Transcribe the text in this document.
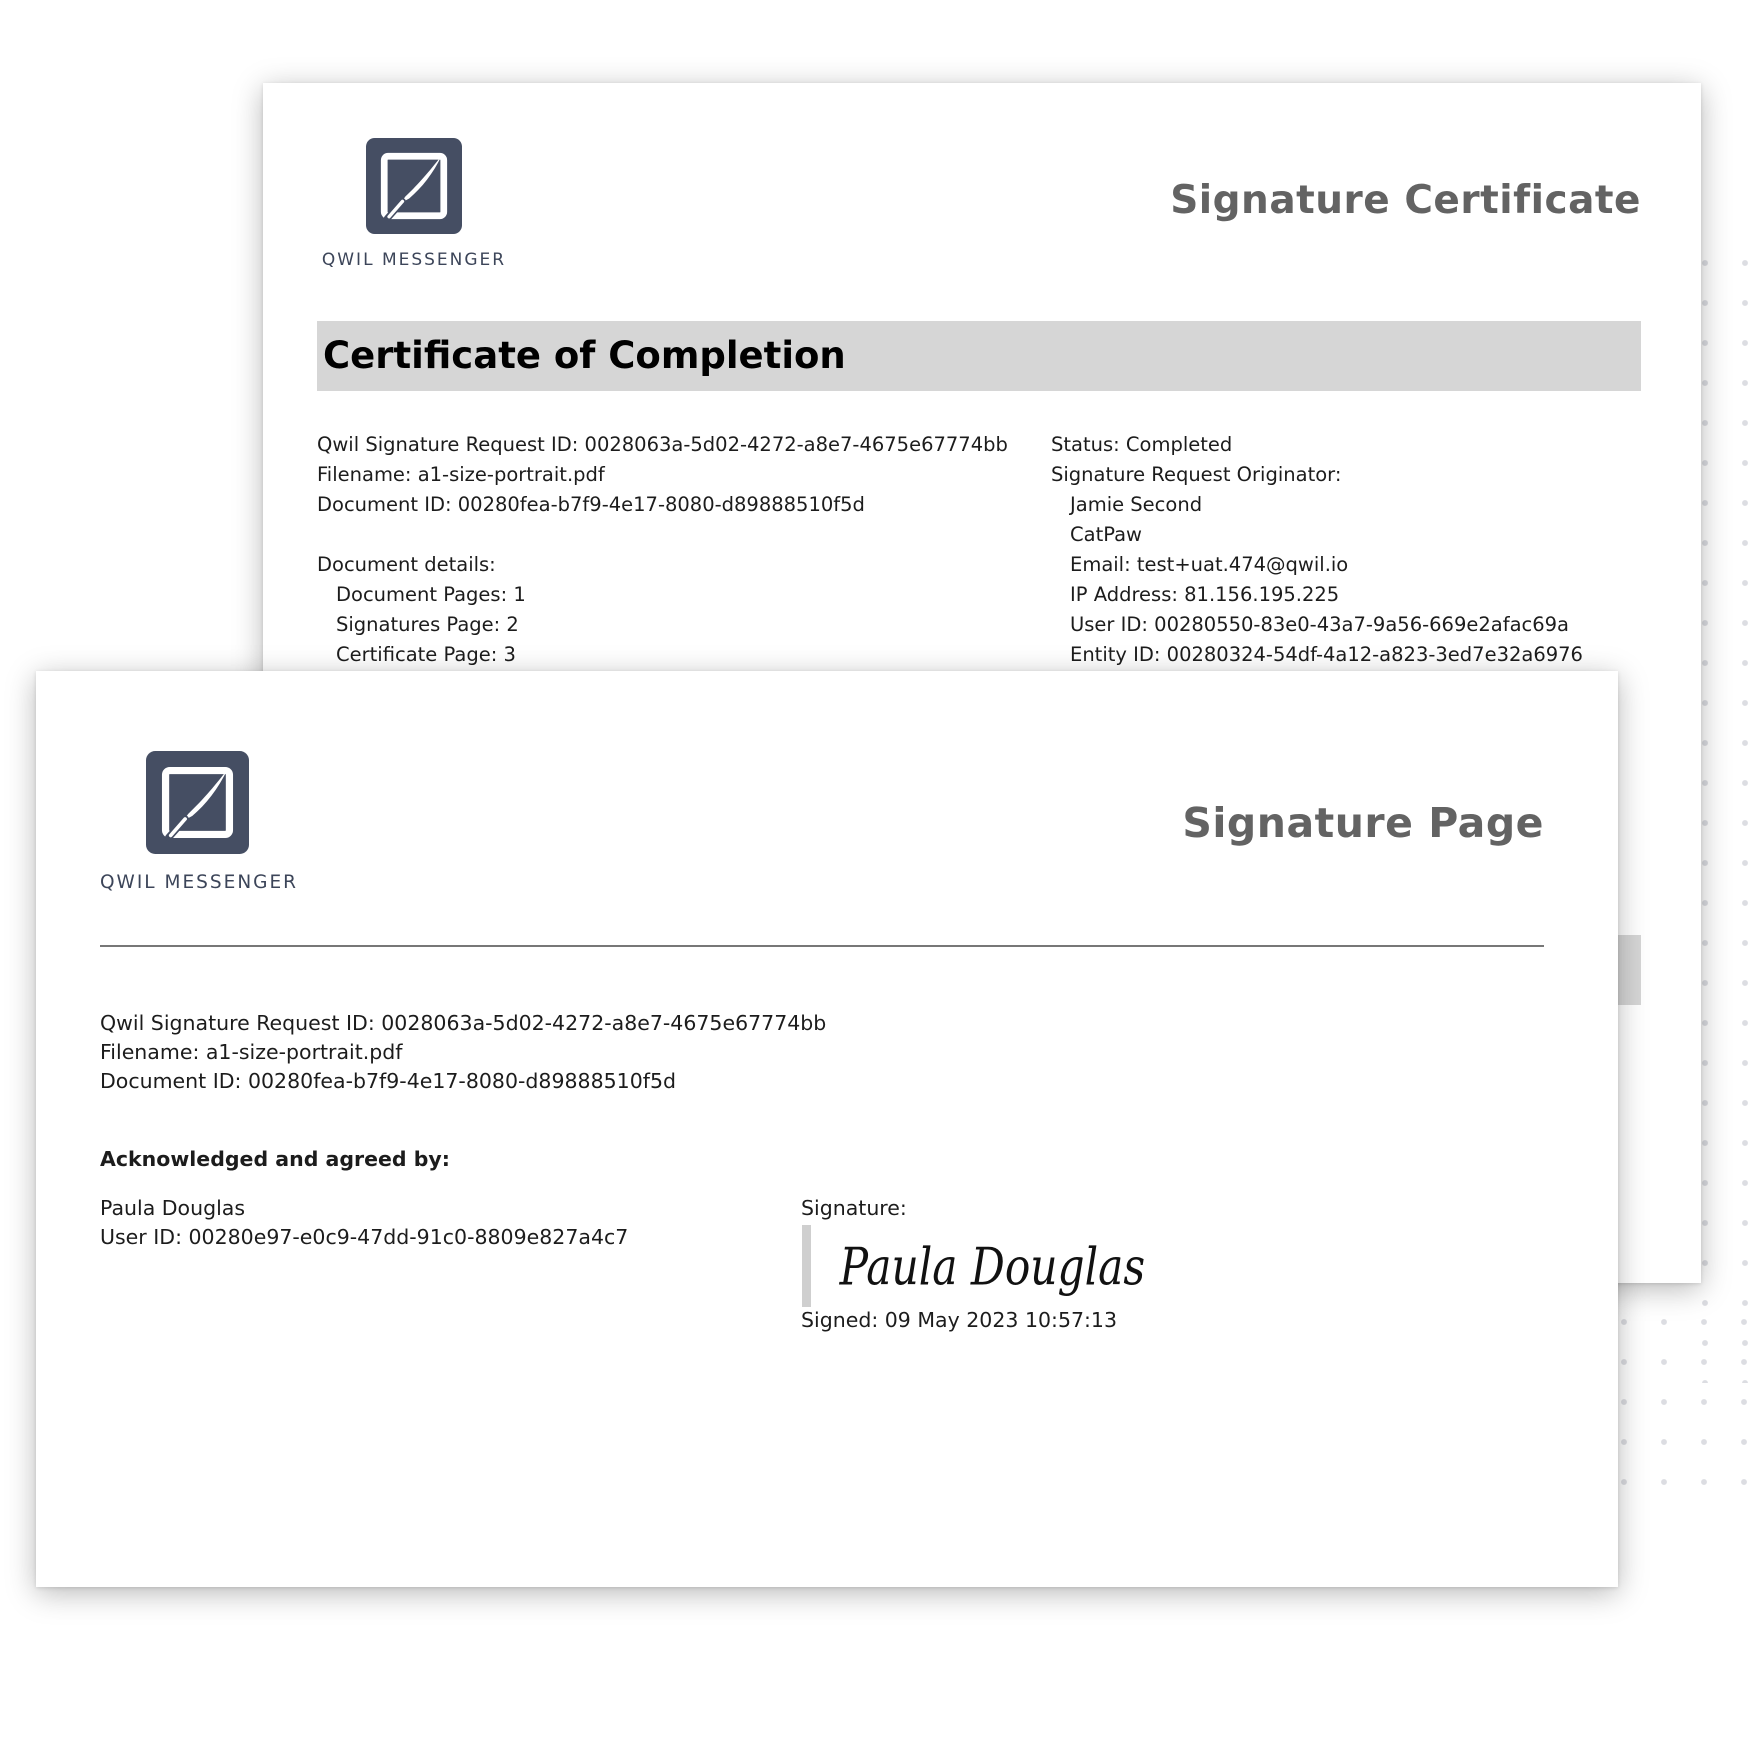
QWIL MESSENGER
Signature Certificate
Certificate of Completion
Qwil Signature Request ID: 0028063a-5d02-4272-a8e7-4675e67774bb
Filename: a1-size-portrait.pdf
Document ID: 00280fea-b7f9-4e17-8080-d89888510f5d
Document details:
Document Pages: 1
Signatures Page: 2
Certificate Page: 3
Status: Completed
Signature Request Originator:
Jamie Second
CatPaw
Email: test+uat.474@qwil.io
IP Address: 81.156.195.225
User ID: 00280550-83e0-43a7-9a56-669e2afac69a
Entity ID: 00280324-54df-4a12-a823-3ed7e32a6976
QWIL MESSENGER
Signature Page
Qwil Signature Request ID: 0028063a-5d02-4272-a8e7-4675e67774bb
Filename: a1-size-portrait.pdf
Document ID: 00280fea-b7f9-4e17-8080-d89888510f5d
Acknowledged and agreed by:
Paula Douglas
User ID: 00280e97-e0c9-47dd-91c0-8809e827a4c7
Signature:
Paula Douglas
Signed: 09 May 2023 10:57:13
